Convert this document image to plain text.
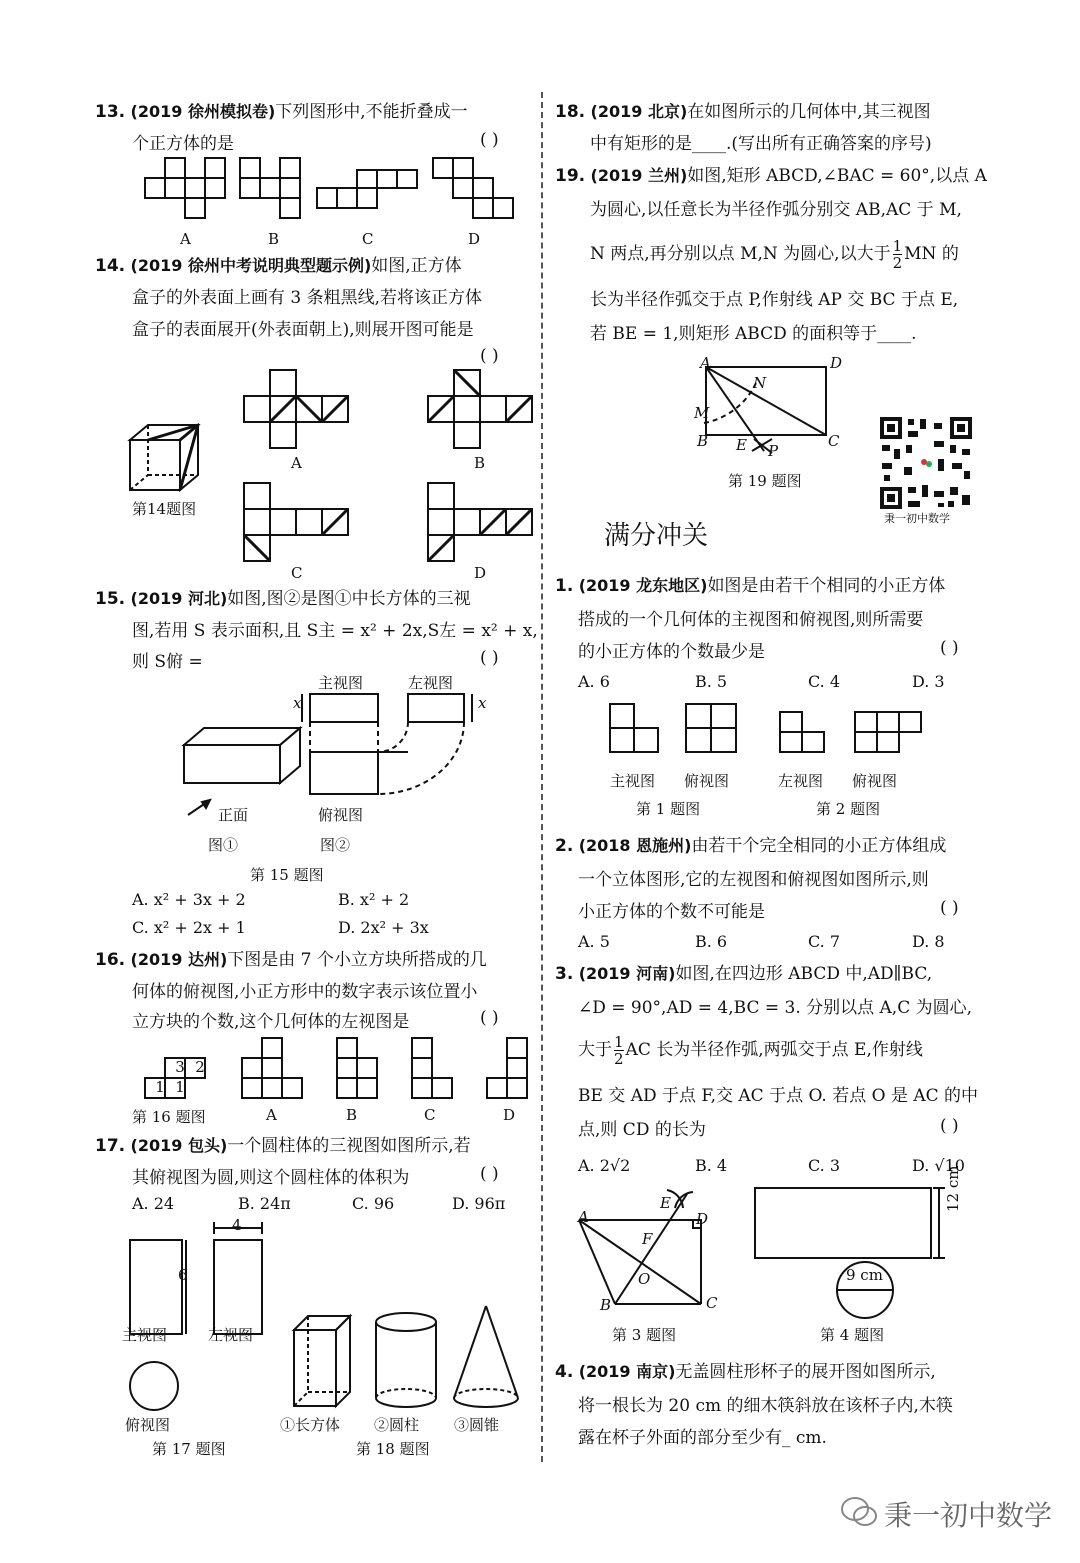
13. (2019 徐州模拟卷)下列图形中,不能折叠成一
个正方体的是	( )
A	B	C	D
14. (2019 徐州中考说明典型题示例)如图,正方体
盒子的外表面上画有 3 条粗黑线,若将该正方体
盒子的表面展开(外表面朝上),则展开图可能是
( )
第14题图
A	B
C	D
15. (2019 河北)如图,图②是图①中长方体的三视
图,若用 S 表示面积,且 S主 = x² + 2x,S左 = x² + x,
则 S俯 =	( )
主视图	左视图
x	x
正面	俯视图
图①	图②
第 15 题图
A. x² + 3x + 2	B. x² + 2
C. x² + 2x + 1	D. 2x² + 3x
16. (2019 达州)下图是由 7 个小立方块所搭成的几
何体的俯视图,小正方形中的数字表示该位置小
立方块的个数,这个几何体的左视图是	( )
3 2
1 1
第 16 题图	A	B	C	D
17. (2019 包头)一个圆柱体的三视图如图所示,若
其俯视图为圆,则这个圆柱体的体积为	( )
A. 24	B. 24π	C. 96	D. 96π
6
4
主视图	左视图
俯视图
第 17 题图
①长方体 ②圆柱 ③圆锥
第 18 题图
18. (2019 北京)在如图所示的几何体中,其三视图
中有矩形的是____.(写出所有正确答案的序号)
19. (2019 兰州)如图,矩形 ABCD,∠BAC = 60°,以点 A
为圆心,以任意长为半径作弧分别交 AB,AC 于 M,
N 两点,再分别以点 M,N 为圆心,以大于 $\frac{1}{2}$ MN 的
长为半径作弧交于点 P,作射线 AP 交 BC 于点 E,
若 BE = 1,则矩形 ABCD 的面积等于____.
A	D
N
M
B E P
C
第 19 题图
秉一初中数学
满分冲关
1. (2019 龙东地区)如图是由若干个相同的小正方体
搭成的一个几何体的主视图和俯视图,则所需要
的小正方体的个数最少是	( )
A. 6	B. 5	C. 4	D. 3
主视图 俯视图	左视图 俯视图
第 1 题图	第 2 题图
2. (2018 恩施州)由若干个完全相同的小正方体组成
一个立体图形,它的左视图和俯视图如图所示,则
小正方体的个数不可能是	( )
A. 5	B. 6	C. 7	D. 8
3. (2019 河南)如图,在四边形 ABCD 中,AD∥BC,
∠D = 90°,AD = 4,BC = 3. 分别以点 A,C 为圆心,
大于 $\frac{1}{2}$ AC 长为半径作弧,两弧交于点 E,作射线
BE 交 AD 于点 F,交 AC 于点 O. 若点 O 是 AC 的中
点,则 CD 的长为	( )
A. 2√2	B. 4	C. 3	D. √10
A
E
D
F
O
B	C
12 cm
9 cm
第 3 题图	第 4 题图
4. (2019 南京)无盖圆柱形杯子的展开图如图所示,
将一根长为 20 cm 的细木筷斜放在该杯子内,木筷
露在杯子外面的部分至少有_ cm.
秉一初中数学
